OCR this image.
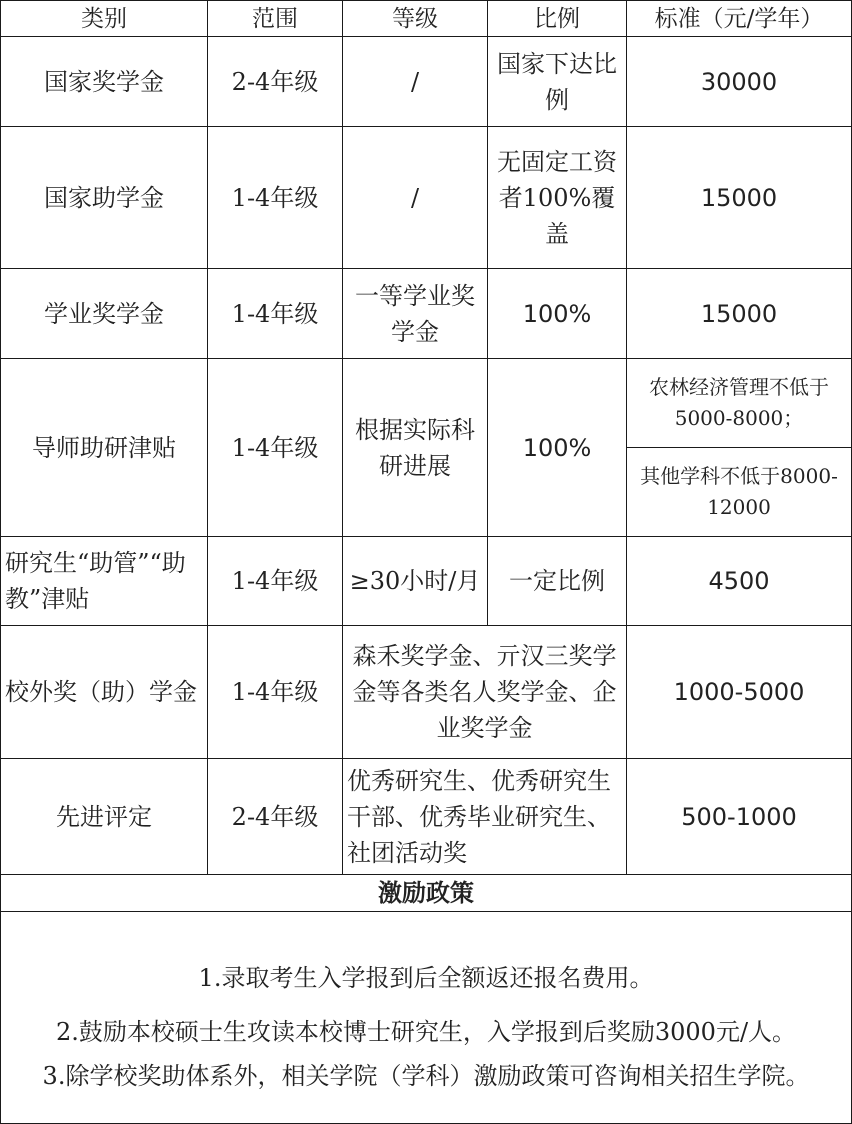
类别	范围	等级	比例	标准（元/学年）
国家奖学金	2-4年级	/	国家下达比例	30000
国家助学金	1-4年级	/	无固定工资者100%覆盖	15000
学业奖学金	1-4年级	一等学业奖学金	100%	15000
导师助研津贴	1-4年级	根据实际科研进展	100%	农林经济管理不低于5000-8000；
				其他学科不低于8000-12000
研究生“助管”“助教”津贴	1-4年级	≥30小时/月	一定比例	4500
校外奖（助）学金	1-4年级	森禾奖学金、亓汉三奖学金等各类名人奖学金、企业奖学金		1000-5000
先进评定	2-4年级	优秀研究生、优秀研究生干部、优秀毕业研究生、社团活动奖		500-1000
激励政策				

1.录取考生入学报到后全额返还报名费用。
2.鼓励本校硕士生攻读本校博士研究生，入学报到后奖励3000元/人。
3.除学校奖助体系外，相关学院（学科）激励政策可咨询相关招生学院。				
